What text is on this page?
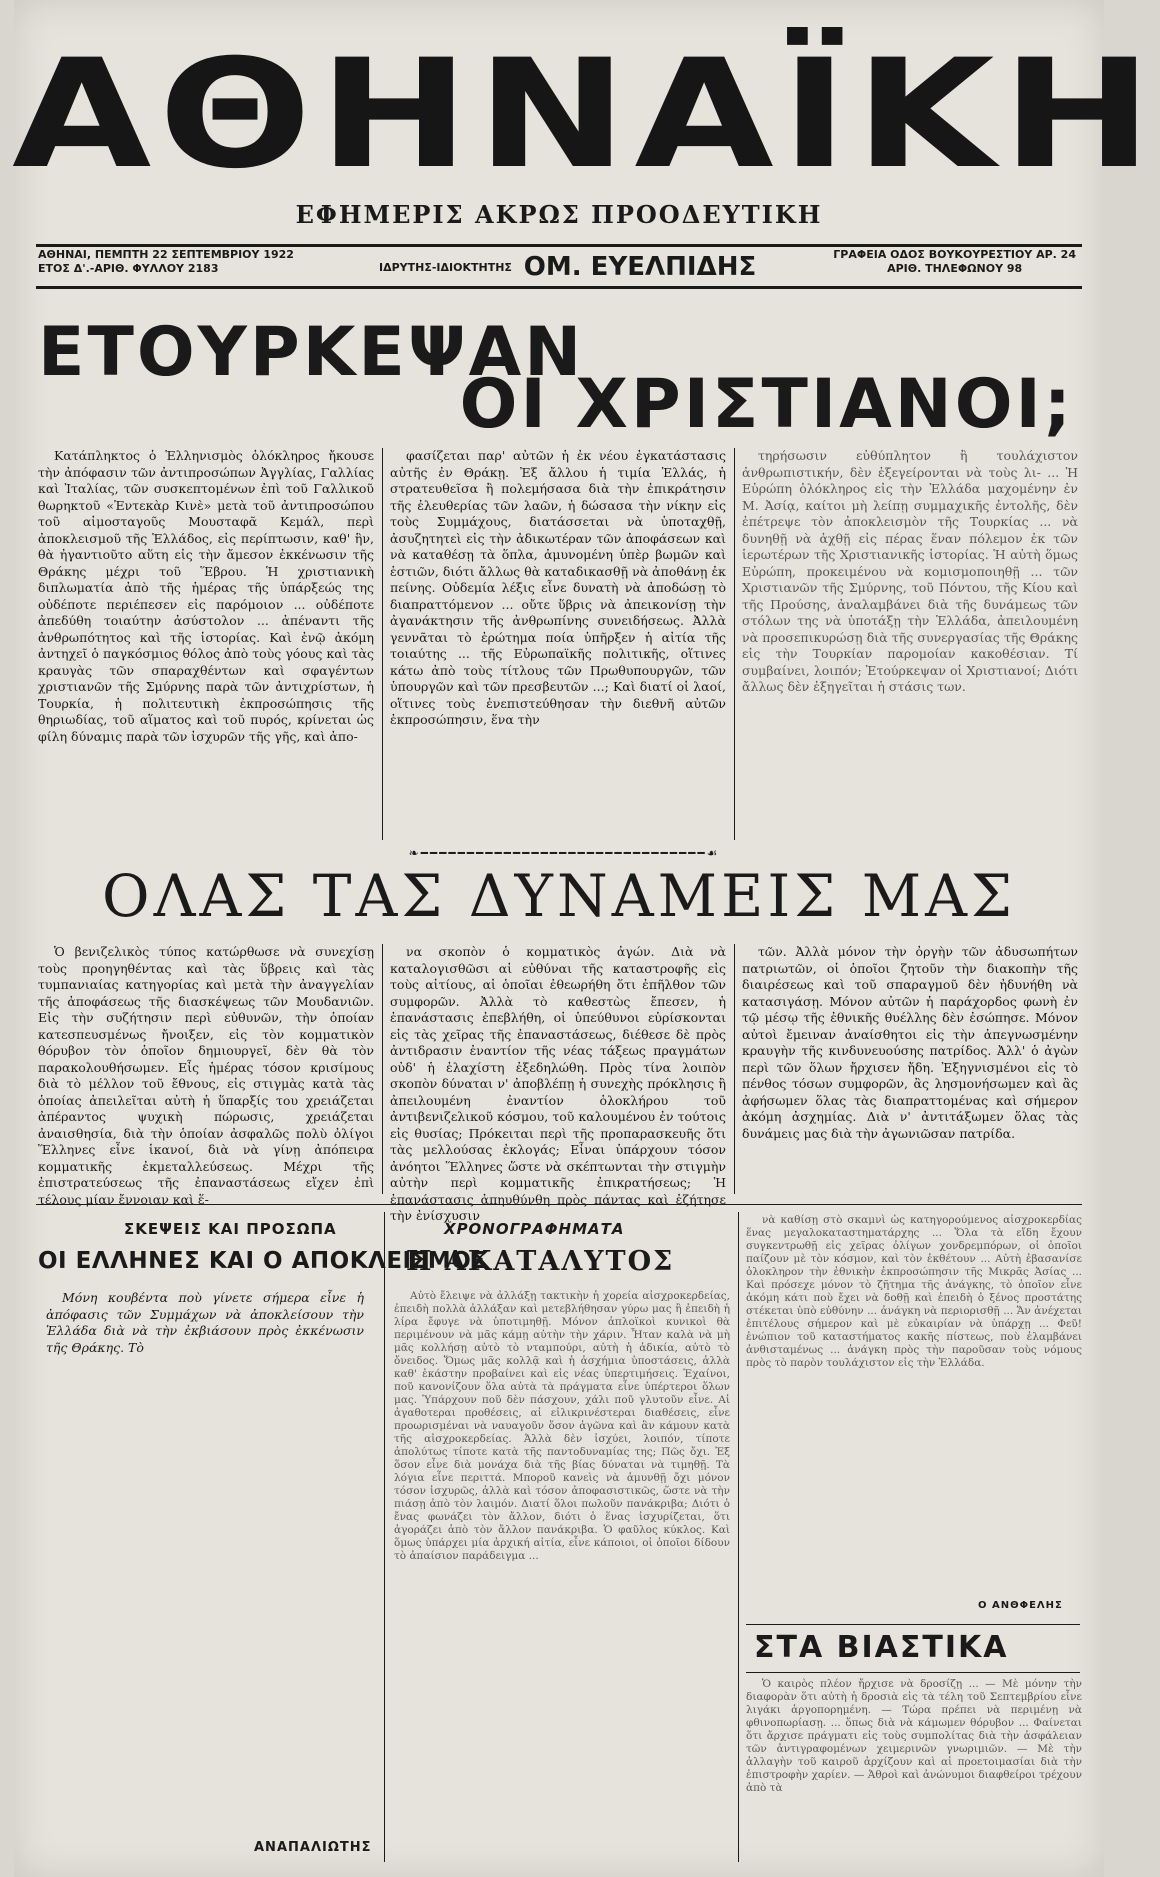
ΑΘΗΝΑΪΚΗ
ΕΦΗΜΕΡΙΣ ΑΚΡΩΣ ΠΡΟΟΔΕΥΤΙΚΗ
ΑΘΗΝΑΙ, ΠΕΜΠΤΗ 22 ΣΕΠΤΕΜΒΡΙΟΥ 1922
ΕΤΟΣ Δ'.-ΑΡΙΘ. ΦΥΛΛΟΥ 2183	ΙΔΡΥΤΗΣ-ΙΔΙΟΚΤΗΤΗΣ ΟΜ. ΕΥΕΛΠΙΔΗΣ	ΓΡΑΦΕΙΑ ΟΔΟΣ ΒΟΥΚΟΥΡΕΣΤΙΟΥ ΑΡ. 24
ΑΡΙΘ. ΤΗΛΕΦΩΝΟΥ 98
ΕΤΟΥΡΚΕΨΑΝ
ΟΙ ΧΡΙΣΤΙΑΝΟΙ;

Κατάπληκτος ὁ Ἑλληνισμὸς ὁλόκληρος ἤκουσε τὴν ἀπόφασιν τῶν ἀντιπροσώπων Ἀγγλίας, Γαλλίας καὶ Ἰταλίας, τῶν συσκεπτομένων ἐπὶ τοῦ Γαλλικοῦ θωρηκτοῦ «Ἐντεκὰρ Κινὲ» μετὰ τοῦ ἀντιπροσώπου τοῦ αἱμοσταγοῦς Μουσταφᾶ Κεμάλ, περὶ ἀποκλεισμοῦ τῆς Ἑλλάδος, εἰς περίπτωσιν, καθ' ἣν, θὰ ἠγαντιοῦτο αὕτη εἰς τὴν ἄμεσον ἐκκένωσιν τῆς Θράκης μέχρι τοῦ Ἕβρου. Ἡ χριστιανικὴ διπλωματία ἀπὸ τῆς ἡμέρας τῆς ὑπάρξεώς της οὐδέποτε περιέπεσεν εἰς παρόμοιον ... οὐδέποτε ἀπεδύθη τοιαύτην ἀσύστολον ... ἀπέναντι τῆς ἀνθρωπότητος καὶ τῆς ἱστορίας. Καὶ ἐνῷ ἀκόμη ἀντηχεῖ ὁ παγκόσμιος θόλος ἀπὸ τοὺς γόους καὶ τὰς κραυγὰς τῶν σπαραχθέντων καὶ σφαγέντων χριστιανῶν τῆς Σμύρνης παρὰ τῶν ἀντιχρίστων, ἡ Τουρκία, ἡ πολιτευτικὴ ἐκπροσώπησις τῆς θηριωδίας, τοῦ αἵματος καὶ τοῦ πυρός, κρίνεται ὡς φίλη δύναμις παρὰ τῶν ἰσχυρῶν τῆς γῆς, καὶ ἀπο-

φασίζεται παρ' αὐτῶν ἡ ἐκ νέου ἐγκατάστασις αὐτῆς ἐν Θράκῃ. Ἐξ ἄλλου ἡ τιμία Ἑλλάς, ἡ στρατευθεῖσα ἢ πολεμήσασα διὰ τὴν ἐπικράτησιν τῆς ἐλευθερίας τῶν λαῶν, ἡ δώσασα τὴν νίκην εἰς τοὺς Συμμάχους, διατάσσεται νὰ ὑποταχθῇ, ἀσυζητητεὶ εἰς τὴν ἀδικωτέραν τῶν ἀποφάσεων καὶ νὰ καταθέσῃ τὰ ὅπλα, ἀμυνομένη ὑπὲρ βωμῶν καὶ ἑστιῶν, διότι ἄλλως θὰ καταδικασθῇ νὰ ἀποθάνῃ ἐκ πείνης. Οὐδεμία λέξις εἶνε δυνατὴ νὰ ἀποδώσῃ τὸ διαπραττόμενον ... οὔτε ὕβρις νὰ ἀπεικονίσῃ τὴν ἀγανάκτησιν τῆς ἀνθρωπίνης συνειδήσεως. Ἀλλὰ γεννᾶται τὸ ἐρώτημα ποία ὑπῆρξεν ἡ αἰτία τῆς τοιαύτης ... τῆς Εὐρωπαϊκῆς πολιτικῆς, οἵτινες κάτω ἀπὸ τοὺς τίτλους τῶν Πρωθυπουργῶν, τῶν ὑπουργῶν καὶ τῶν πρεσβευτῶν ...; Καὶ διατί οἱ λαοί, οἵτινες τοὺς ἐνεπιστεύθησαν τὴν διεθνῆ αὐτῶν ἐκπροσώπησιν, ἕνα τὴν

τηρήσωσιν εὐθύπλητον ἢ τουλάχιστον ἀνθρωπιστικήν, δὲν ἐξεγείρονται νὰ τοὺς λι- ... Ἡ Εὐρώπη ὁλόκληρος εἰς τὴν Ἑλλάδα μαχομένην ἐν Μ. Ἀσίᾳ, καίτοι μὴ λείπῃ συμμαχικῆς ἐντολῆς, δὲν ἐπέτρεψε τὸν ἀποκλεισμὸν τῆς Τουρκίας ... νὰ δυνηθῇ νὰ ἀχθῇ εἰς πέρας ἕναν πόλεμον ἐκ τῶν ἱερωτέρων τῆς Χριστιανικῆς ἱστορίας. Ἡ αὐτὴ ὅμως Εὐρώπη, προκειμένου νὰ κομισμοποιηθῇ ... τῶν Χριστιανῶν τῆς Σμύρνης, τοῦ Πόντου, τῆς Κίου καὶ τῆς Προύσης, ἀναλαμβάνει διὰ τῆς δυνάμεως τῶν στόλων της νὰ ὑποτάξῃ τὴν Ἑλλάδα, ἀπειλουμένη νὰ προσεπικυρώσῃ διὰ τῆς συνεργασίας τῆς Θράκης εἰς τὴν Τουρκίαν παρομοίαν κακοθέσιαν. Τί συμβαίνει, λοιπόν; Ἐτούρκεψαν οἱ Χριστιανοί; Διότι ἄλλως δὲν ἐξηγεῖται ἡ στάσις των.

❧━━━━━━━━━━━━━━━━━━━━━━━━━━━━━━━☙
ΟΛΑΣ ΤΑΣ ΔΥΝΑΜΕΙΣ ΜΑΣ

Ὁ βενιζελικὸς τύπος κατώρθωσε νὰ συνεχίσῃ τοὺς προηγηθέντας καὶ τὰς ὕβρεις καὶ τὰς τυμπανιαίας κατηγορίας καὶ μετὰ τὴν ἀναγγελίαν τῆς ἀποφάσεως τῆς διασκέψεως τῶν Μουδανιῶν. Εἰς τὴν συζήτησιν περὶ εὐθυνῶν, τὴν ὁποίαν κατεσπευσμένως ἤνοιξεν, εἰς τὸν κομματικὸν θόρυβον τὸν ὁποῖον δημιουργεῖ, δὲν θὰ τὸν παρακολουθήσωμεν. Εἶς ἡμέρας τόσον κρισίμους διὰ τὸ μέλλον τοῦ ἔθνους, εἰς στιγμὰς κατὰ τὰς ὁποίας ἀπειλεῖται αὐτὴ ἡ ὕπαρξίς του χρειάζεται ἀπέραντος ψυχικὴ πώρωσις, χρειάζεται ἀναισθησία, διὰ τὴν ὁποίαν ἀσφαλῶς πολὺ ὀλίγοι Ἕλληνες εἶνε ἱκανοί, διὰ νὰ γίνῃ ἀπόπειρα κομματικῆς ἐκμεταλλεύσεως. Μέχρι τῆς ἐπιστρατεύσεως τῆς ἐπαναστάσεως εἴχεν ἐπὶ τέλους μίαν ἔννοιαν καὶ ἕ-

να σκοπὸν ὁ κομματικὸς ἀγών. Διὰ νὰ καταλογισθῶσι αἱ εὐθύναι τῆς καταστροφῆς εἰς τοὺς αἰτίους, αἱ ὁποῖαι ἐθεωρήθη ὅτι ἐπῆλθον τῶν συμφορῶν. Ἀλλὰ τὸ καθεστὼς ἔπεσεν, ἡ ἐπανάστασις ἐπεβλήθη, οἱ ὑπεύθυνοι εὑρίσκονται εἰς τὰς χεῖρας τῆς ἐπαναστάσεως, διέθεσε δὲ πρὸς ἀντιδρασιν ἐναντίον τῆς νέας τάξεως πραγμάτων οὐδ' ἡ ἐλαχίστη ἐξεδηλώθη. Πρὸς τίνα λοιπὸν σκοπὸν δύναται ν' ἀποβλέπῃ ἡ συνεχὴς πρόκλησις ἢ ἀπειλουμένη ἐναντίον ὁλοκλήρου τοῦ ἀντιβενιζελικοῦ κόσμου, τοῦ καλουμένου ἐν τούτοις εἰς θυσίας; Πρόκειται περὶ τῆς προπαρασκευῆς ὅτι τὰς μελλούσας ἐκλογάς; Εἶναι ὑπάρχουν τόσον ἀνόητοι Ἕλληνες ὥστε νὰ σκέπτωνται τὴν στιγμὴν αὐτὴν περὶ κομματικῆς ἐπικρατήσεως; Ἡ ἐπανάστασις ἀπηυθύνθη πρὸς πάντας καὶ ἐζήτησε τὴν ἐνίσχυσιν

τῶν. Ἀλλὰ μόνον τὴν ὀργὴν τῶν ἀδυσωπήτων πατριωτῶν, οἱ ὁποῖοι ζητοῦν τὴν διακοπὴν τῆς διαιρέσεως καὶ τοῦ σπαραγμοῦ δὲν ἠδυνήθη νὰ κατασιγάσῃ. Μόνον αὐτῶν ἡ παράχορδος φωνὴ ἐν τῷ μέσῳ τῆς ἐθνικῆς θυέλλης δὲν ἐσώπησε. Μόνον αὐτοὶ ἔμειναν ἀναίσθητοι εἰς τὴν ἀπεγνωσμένην κραυγὴν τῆς κινδυνευούσης πατρίδος. Ἀλλ' ὁ ἀγὼν περὶ τῶν ὅλων ἤρχισεν ἤδη. Ἐξηγνισμένοι εἰς τὸ πένθος τόσων συμφορῶν, ἂς λησμονήσωμεν καὶ ἂς ἀφήσωμεν ὅλας τὰς διαπραττομένας καὶ σήμερον ἀκόμη ἀσχημίας. Διὰ ν' ἀντιτάξωμεν ὅλας τὰς δυνάμεις μας διὰ τὴν ἀγωνιῶσαν πατρίδα.

ΣΚΕΨΕΙΣ ΚΑΙ ΠΡΟΣΩΠΑ
ΟΙ ΕΛΛΗΝΕΣ ΚΑΙ Ο ΑΠΟΚΛΕΙΣΜΟΣ

Μόνη κουβέντα ποὺ γίνετε σήμερα εἶνε ἡ ἀπόφασις τῶν Συμμάχων νὰ ἀποκλείσουν τὴν Ἑλλάδα διὰ νὰ τὴν ἐκβιάσουν πρὸς ἐκκένωσιν τῆς Θράκης. Τὸ

ΑΝΑΠΑΛΙΩΤΗΣ
ΧΡΟΝΟΓΡΑΦΗΜΑΤΑ
Η ΑΚΑΤΑΛΥΤΟΣ

Αὐτὸ ἔλειψε νὰ ἀλλάξῃ τακτικὴν ἡ χορεία αἰσχροκερδείας, ἐπειδὴ πολλὰ ἀλλάξαν καὶ μετεβλήθησαν γύρω μας ἢ ἐπειδὴ ἡ λίρα ἔφυγε νὰ ὑποτιμηθῇ. Μόνον ἀπλοϊκοὶ κυνικοὶ θὰ περιμένουν νὰ μᾶς κάμῃ αὐτὴν τὴν χάριν. Ἦταν καλὰ νὰ μὴ μᾶς κολλήσῃ αὐτὸ τὸ νταμπούρι, αὐτὴ ἡ ἀδικία, αὐτὸ τὸ ὄνειδος. Ὅμως μᾶς κολλᾷ καὶ ἡ ἀσχήμια ὑποστάσεις, ἀλλὰ καθ' ἑκάστην προβαίνει καὶ εἰς νέας ὑπερτιμήσεις. Ἐχαίνοι, ποῦ κανονίζουν ὅλα αὐτὰ τὰ πράγματα εἶνε ὑπέρτεροι ὅλων μας. Ὑπάρχουν ποῦ δὲν πάσχουν, χάλι ποῦ γλυτοῦν εἶνε. Αἱ ἀγαθοτεραι προθέσεις, αἱ εἰλικρινέστεραι διαθέσεις, εἶνε προωρισμέναι νὰ ναυαγοῦν ὅσον ἀγῶνα καὶ ἂν κάμουν κατὰ τῆς αἰσχροκερδείας. Ἀλλὰ δὲν ἰσχύει, λοιπόν, τίποτε ἀπολύτως τίποτε κατὰ τῆς παντοδυναμίας της; Πῶς ὄχι. Ἐξ ὅσον εἶνε διὰ μονάχα διὰ τῆς βίας δύναται νὰ τιμηθῇ. Τὰ λόγια εἶνε περιττά. Μποροῦ κανεὶς νὰ ἀμυνθῇ ὄχι μόνον τόσον ἰσχυρῶς, ἀλλὰ καὶ τόσον ἀποφασιστικῶς, ὥστε νὰ τὴν πιάσῃ ἀπὸ τὸν λαιμόν. Διατί ὅλοι πωλοῦν πανάκριβα; Διότι ὁ ἔνας φωνάζει τὸν ἄλλον, διότι ὁ ἕνας ἰσχυρίζεται, ὅτι ἀγοράζει ἀπὸ τὸν ἄλλον πανάκριβα. Ὁ φαῦλος κύκλος. Καὶ ὅμως ὑπάρχει μία ἀρχική αἰτία, εἶνε κάποιοι, οἱ ὁποῖοι δίδουν τὸ ἀπαίσιον παράδειγμα ...

νὰ καθίσῃ στὸ σκαμνὶ ὡς κατηγορούμενος αἰσχροκερδίας ἕνας μεγαλοκαταστηματάρχης ... Ὅλα τὰ εἴδη ἔχουν συγκεντρωθῇ εἰς χεῖρας ὀλίγων χονδρεμπόρων, οἱ ὁποῖοι παίζουν μὲ τὸν κόσμον, καὶ τὸν ἐκθέτουν ... Αὐτὴ ἐβασανίσε ὀλοκληρον τὴν ἐθνικὴν ἐκπροσώπησιν τῆς Μικρᾶς Ἀσίας ... Καὶ πρόσεχε μόνον τὸ ζῆτημα τῆς ἀνάγκης, τὸ ὁποῖον εἶνε ἀκόμη κάτι ποὺ ἔχει νὰ δοθῇ καὶ ἐπειδὴ ὁ ξένος προστάτης στέκεται ὑπὸ εὐθύνην ... ἀνάγκη νὰ περιορισθῇ ... Ἄν ἀνέχεται ἐπιτέλους σήμερον καὶ μὲ εὐκαιρίαν νὰ ὑπάρχῃ ... Φεῦ! ἐνώπιον τοῦ καταστήματος κακῆς πίστεως, ποὺ ἐλαμβάνει ἀνθισταμένως ... ἀνάγκη πρὸς τὴν παροῦσαν τοὺς νόμους πρὸς τὸ παρὸν τουλάχιστον εἰς τὴν Ἑλλάδα.

Ο ΑΝΘΦΕΛΗΣ
ΣΤΑ ΒΙΑΣΤΙΚΑ

Ὁ καιρὸς πλέον ἤρχισε νὰ δροσίζῃ ... — Μὲ μόνην τὴν διαφορὰν ὅτι αὐτὴ ἡ δροσιὰ εἰς τὰ τέλη τοῦ Σεπτεμβρίου εἶνε λιγάκι ἀργοπορημένη. — Τώρα πρέπει νὰ περιμένῃ νὰ φθινοπωρίασῃ. ... ὅπως διὰ νὰ κάμωμεν θόρυβον ... Φαίνεται ὅτι ἄρχισε πράγματι εἰς τοὺς συμπολίτας διὰ τὴν ἀσφάλειαν τῶν ἀντιγραφομένων χειμερινῶν γνωριμιῶν. — Μὲ τὴν ἀλλαγὴν τοῦ καιροῦ ἀρχίζουν καὶ αἱ προετοιμασίαι διὰ τὴν ἐπιστροφὴν χαρίεν. — Ἀθροὶ καὶ ἀνώνυμοι διαφθείροι τρέχουν ἀπὸ τὰ
